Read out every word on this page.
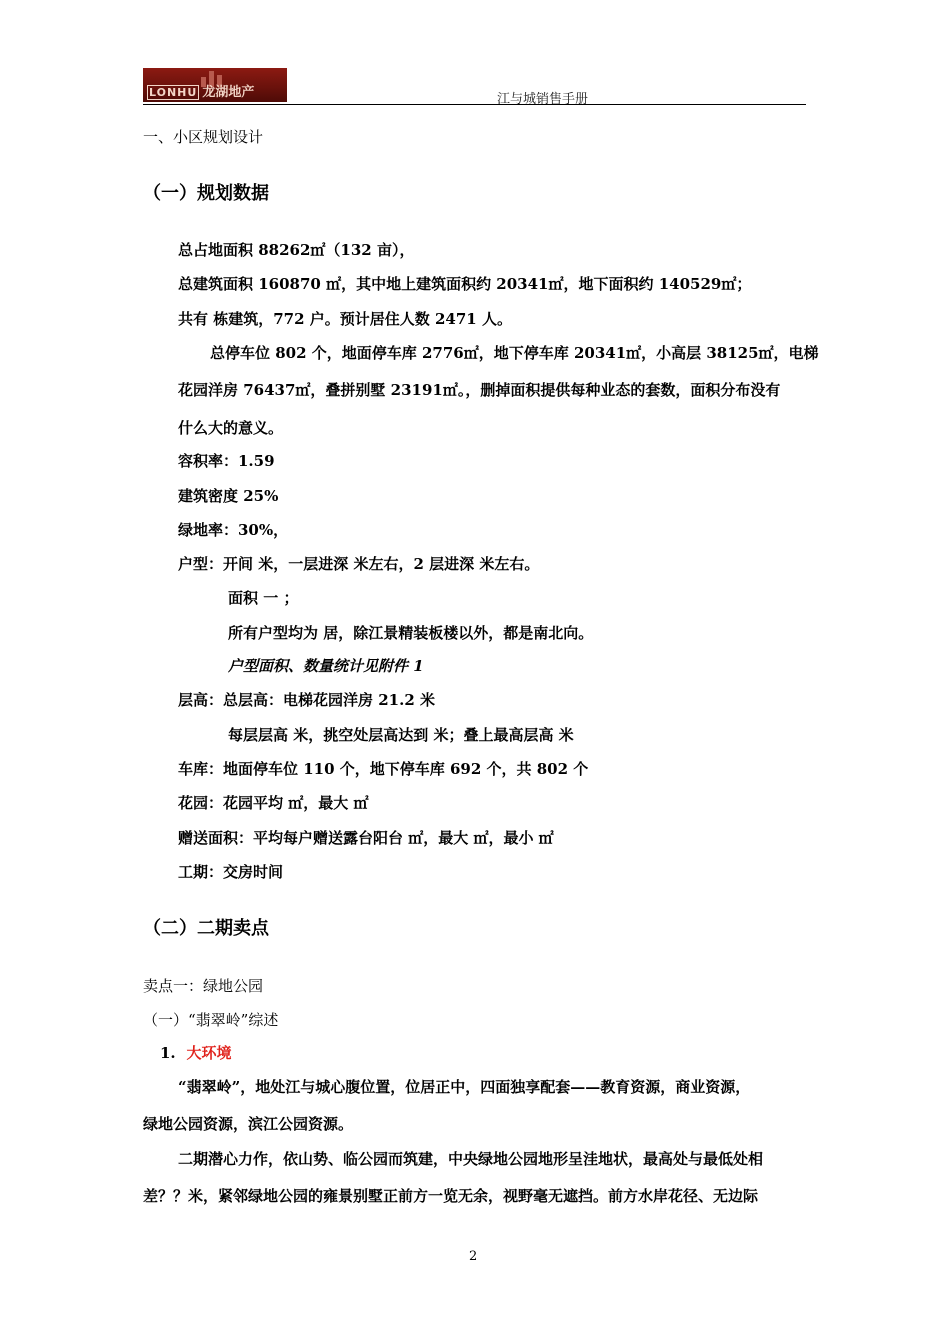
LONHU 龙湖地产	江与城销售手册
一、小区规划设计
（一）规划数据
总占地面积 88262㎡（132 亩），
总建筑面积 160870 ㎡，其中地上建筑面积约 20341㎡，地下面积约 140529㎡；
共有 栋建筑，772 户。预计居住人数 2471 人。
总停车位 802 个，地面停车库 2776㎡，地下停车库 20341㎡，小高层 38125㎡，电梯
花园洋房 76437㎡，叠拼别墅 23191㎡。，删掉面积提供每种业态的套数，面积分布没有
什么大的意义。
容积率：1.59
建筑密度 25%
绿地率：30%，
户型：开间 米，一层进深 米左右，2 层进深 米左右。
面积 一 ；
所有户型均为 居，除江景精装板楼以外，都是南北向。
户型面积、数量统计见附件 1
层高：总层高：电梯花园洋房 21.2 米
每层层高 米，挑空处层高达到 米；叠上最高层高 米
车库：地面停车位 110 个，地下停车库 692 个，共 802 个
花园：花园平均 ㎡，最大 ㎡
赠送面积：平均每户赠送露台阳台 ㎡，最大 ㎡，最小 ㎡
工期：交房时间
（二）二期卖点
卖点一：绿地公园
（一）“翡翠岭”综述
1. 大环境
“翡翠岭”，地处江与城心腹位置，位居正中，四面独享配套——教育资源，商业资源，
绿地公园资源，滨江公园资源。
二期潜心力作，依山势、临公园而筑建，中央绿地公园地形呈洼地状，最高处与最低处相
差？？米，紧邻绿地公园的雍景别墅正前方一览无余，视野毫无遮挡。前方水岸花径、无边际
2
